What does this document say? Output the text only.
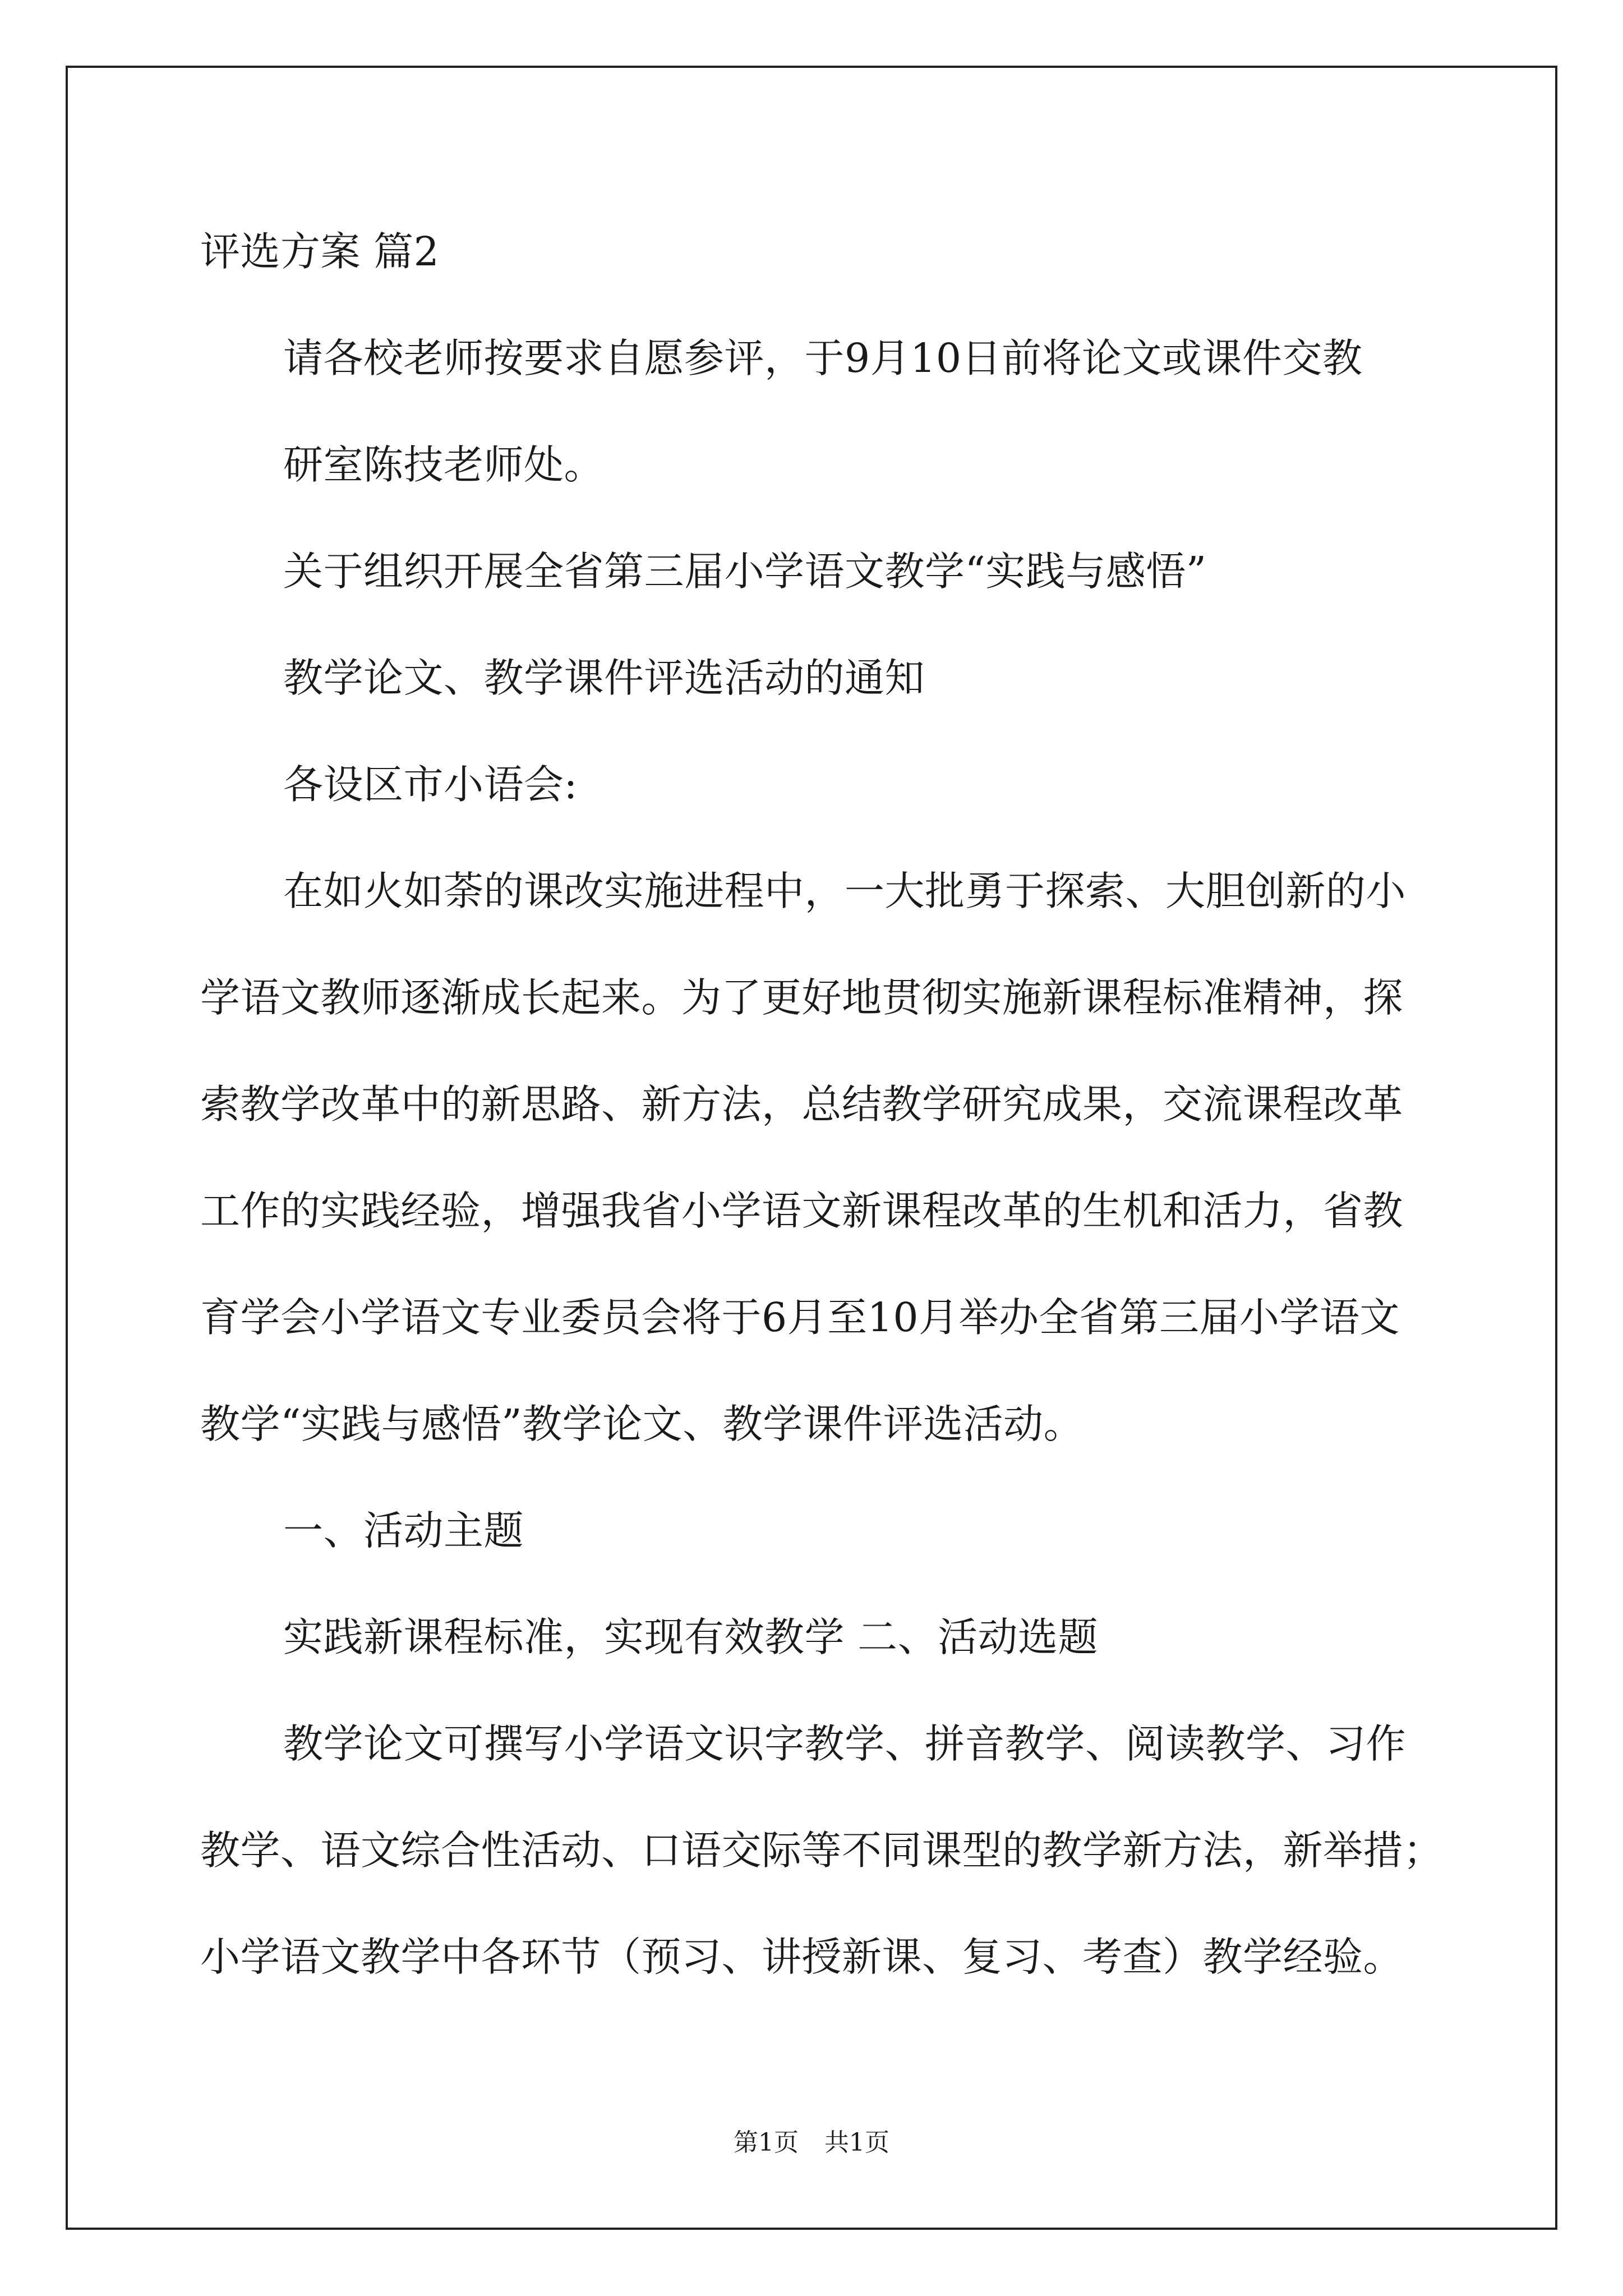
评选方案 篇2
请各校老师按要求自愿参评，于9月10日前将论文或课件交教
研室陈技老师处。
关于组织开展全省第三届小学语文教学“实践与感悟”
教学论文、教学课件评选活动的通知
各设区市小语会:
在如火如荼的课改实施进程中，一大批勇于探索、大胆创新的小
学语文教师逐渐成长起来。为了更好地贯彻实施新课程标准精神，探
索教学改革中的新思路、新方法，总结教学研究成果，交流课程改革
工作的实践经验，增强我省小学语文新课程改革的生机和活力，省教
育学会小学语文专业委员会将于6月至10月举办全省第三届小学语文
教学“实践与感悟”教学论文、教学课件评选活动。
一、活动主题
实践新课程标准，实现有效教学 二、活动选题
教学论文可撰写小学语文识字教学、拼音教学、阅读教学、习作
教学、语文综合性活动、口语交际等不同课型的教学新方法，新举措；
小学语文教学中各环节（预习、讲授新课、复习、考查）教学经验。
第1页 共1页
